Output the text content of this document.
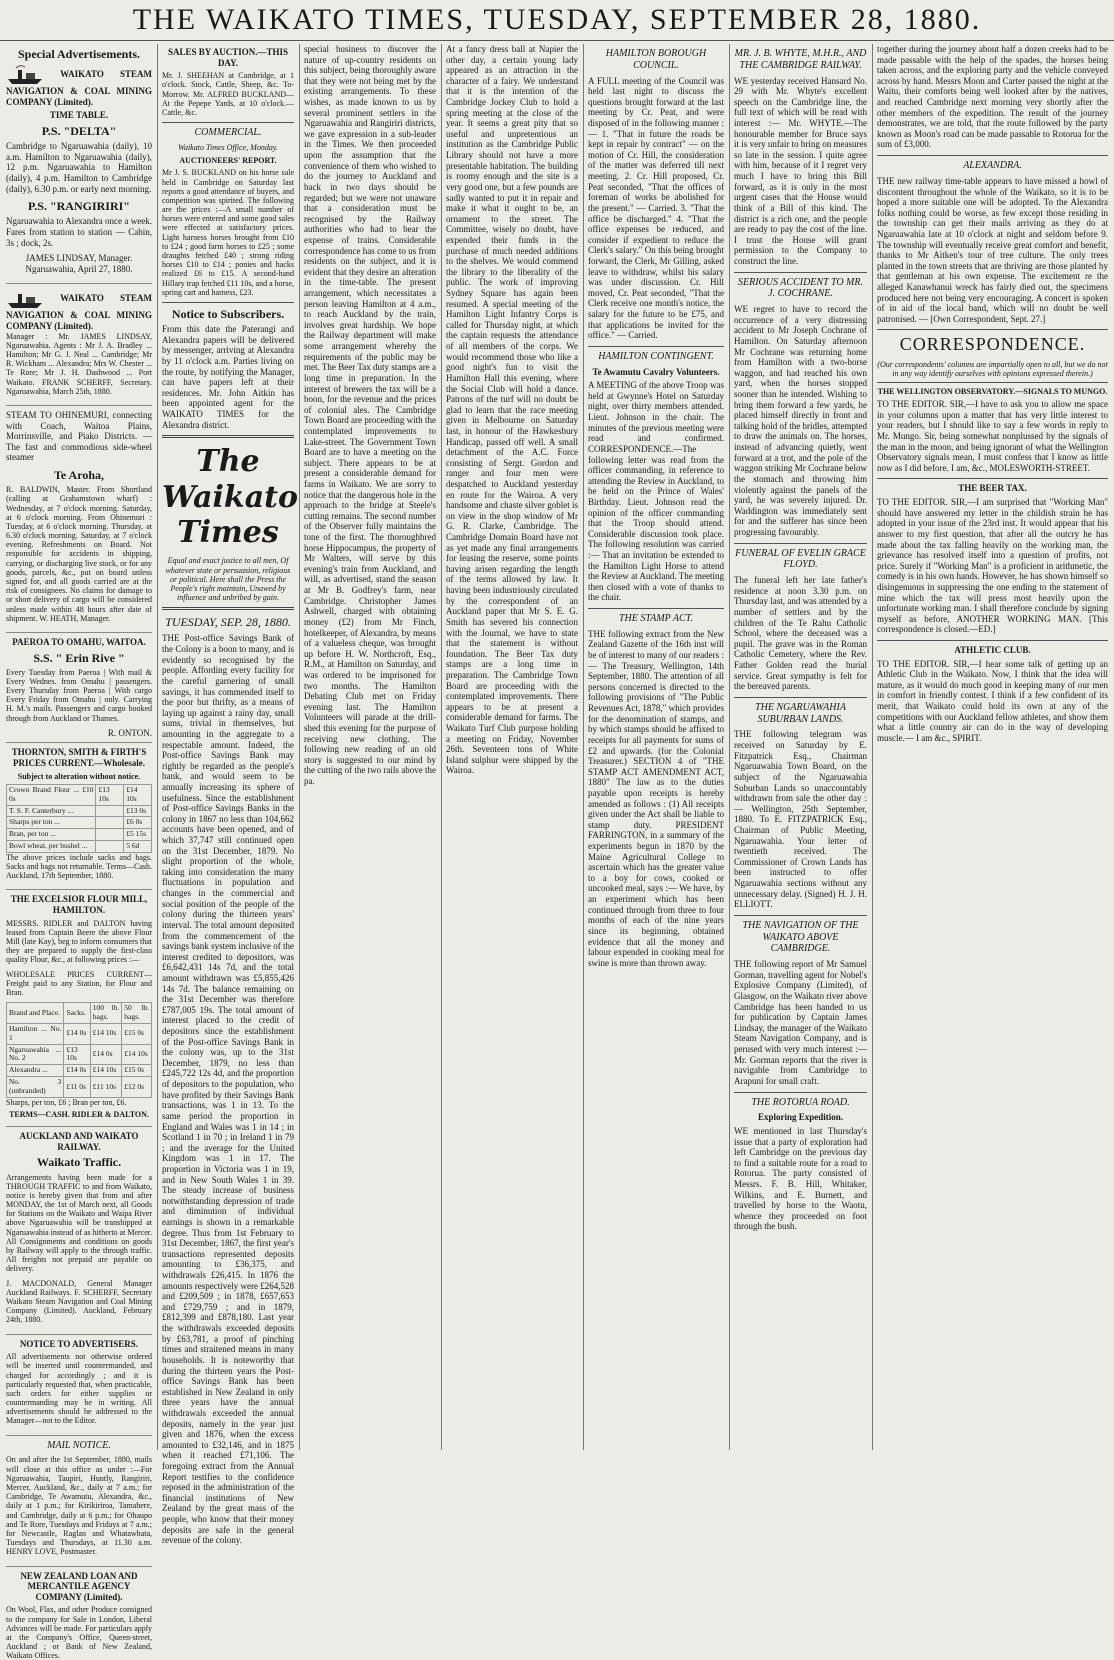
THE WAIKATO TIMES, TUESDAY, SEPTEMBER 28, 1880.
Special Advertisements.
WAIKATO STEAM NAVIGATION & COAL MINING COMPANY (Limited).
TIME TABLE.
P.S. "DELTA"
Cambridge to Ngaruawahia (daily), 10 a.m. Hamilton to Ngaruawahia (daily), 12 p.m. Ngaruawahia to Hamilton (daily), 4 p.m. Hamilton to Cambridge (daily), 6.30 p.m. or early next morning.
P.S. "RANGIRIRI"
Ngaruawahia to Alexandra once a week. Fares from station to station — Cabin, 3s ; dock, 2s.
JAMES LINDSAY, Manager. Ngaruawahia, April 27, 1880.
WAIKATO STEAM NAVIGATION & COAL MINING COMPANY (Limited).
Manager : Mr. JAMES LINDSAY, Ngaruawahia. Agents : Mr J. A. Bradley ... Hamilton; Mr G. J. Neal ... Cambridge; Mr R. Wickham ... Alexandra; Mrs W. Chester ... Te Rore; Mr J. H. Dashwood ... Port Waikato. FRANK SCHERFF, Secretary. Ngaruawahia, March 25th, 1880.
STEAM TO OHINEMURI, connecting with Coach, Waitoa Plains, Morrinsville, and Piako Districts. — The fast and commodious side-wheel steamer
Te Aroha,
R. BALDWIN, Master. From Shortland (calling at Grahamstown wharf) : Wednesday, at 7 o'clock morning. Saturday, at 6 o'clock morning. From Ohinemuri : Tuesday, at 6 o'clock morning. Thursday, at 6.30 o'clock morning. Saturday, at 7 o'clock evening. Refreshments on Board. Not responsible for accidents in shipping, carrying, or discharging live stock, or for any goods, parcels, &c., put on board unless signed for, and all goods carried are at the risk of consignees. No claims for damage to or short delivery of cargo will be considered unless made within 48 hours after date of shipment. W. HEATH, Manager.
PAEROA TO OMAHU, WAITOA.
S.S. " Erin Rive "
Every Tuesday from Paeroa | With mail & Every Wednes. from Omahu | passengers. Every Thursday from Paeroa | With cargo Every Friday from Omahu | only. Carrying H. M.'s mails. Passengers and cargo booked through from Auckland or Thames.
R. ONTON.
THORNTON, SMITH & FIRTH'S PRICES CURRENT.—Wholesale.
Subject to alteration without notice.
Crown Brand Flour ... £10 0s	£13 10s	£14 10s
T. S. F. Canterbury ...		£13 0s
Sharps per ton ...		£6 0s
Bran, per ton ...		£5 15s
Bowl wheat, per bushel ...		5 6d
The above prices include sacks and bags. Sacks and bags not returnable. Terms—Cash. Auckland, 17th September, 1880.
THE EXCELSIOR FLOUR MILL, HAMILTON.
MESSRS. RIDLER and DALTON having leased from Captain Beere the above Flour Mill (late Kay), beg to inform consumers that they are prepared to supply the first-class quality Flour, &c., at following prices :—
WHOLESALE PRICES CURRENT— Freight paid to any Station, for Flour and Bran.
Brand and Place.	Sacks.	100 lb. bags.	50 lb. bags.
Hamilton ... No. 1	£14 0s	£14 10s	£15 0s
Ngaruawahia ... No. 2	£13 10s	£14 0s	£14 10s
Alexandra ...	£14 0s	£14 10s	£15 0s
No. 3 (unbranded)	£11 0s	£11 10s	£12 0s
Sharps, per ton, £6 ; Bran per ton, £6.
TERMS—CASH. RIDLER & DALTON.
AUCKLAND AND WAIKATO RAILWAY.
Waikato Traffic.
Arrangements having been made for a THROUGH TRAFFIC to and from Waikato, notice is hereby given that from and after MONDAY, the 1st of March next, all Goods for Stations on the Waikato and Waipa River above Ngaruawahia will be transhipped at Ngaruawahia instead of as hitherto at Mercer. All Consignments and conditions on goods by Railway will apply to the through traffic. All freights not prepaid are payable on delivery.
J. MACDONALD, General Manager Auckland Railways. F. SCHERFF, Secretary Waikato Steam Navigation and Coal Mining Company (Limited). Auckland, February 24th, 1880.
NOTICE TO ADVERTISERS.
All advertisements not otherwise ordered will be inserted until countermanded, and charged for accordingly ; and it is particularly requested that, when practicable, such orders for either supplies or countermanding may be in writing. All advertisements should be addressed to the Manager—not to the Editor.
MAIL NOTICE.
On and after the 1st September, 1880, mails will close at this office as under :—For Ngaruawahia, Taupiri, Huntly, Rangiriri, Mercer, Auckland, &c., daily at 7 a.m.; for Cambridge, Te Awamutu, Alexandra, &c., daily at 1 p.m.; for Kirikiriroa, Tamahere, and Cambridge, daily at 6 p.m.; for Ohaupo and Te Rore, Tuesdays and Fridays at 7 a.m.; for Newcastle, Raglan and Whatawhata, Tuesdays and Thursdays, at 11.30 a.m. HENRY LOVE, Postmaster.
NEW ZEALAND LOAN AND MERCANTILE AGENCY COMPANY (Limited).
On Wool, Flax, and other Produce consigned to the company for Sale in London, Liberal Advances will be made. For particulars apply at the Company's Office, Queen-street, Auckland ; or Bank of New Zealand, Waikato Offices.
SALES BY AUCTION.—THIS DAY.
Mr. J. SHEEHAN at Cambridge, at 1 o'clock. Stock, Cattle, Sheep, &c. To-Morrow. Mr. ALFRED BUCKLAND—At the Pepepe Yards, at 10 o'clock.—Cattle, &c.
COMMERCIAL.
Waikato Times Office, Monday.
AUCTIONEERS' REPORT.
Mr J. S. BUCKLAND on his horse sale held in Cambridge on Saturday last reports a good attendance of buyers, and competition was spirited. The following are the prices :—A small number of horses were entered and some good sales were effected at satisfactory prices. Light harness horses brought from £10 to £24 ; good farm horses to £25 ; some draughts fetched £40 ; strong riding horses £10 to £14 ; ponies and hacks realized £6 to £15. A second-hand Hillary trap fetched £11 10s, and a horse, spring cart and harness, £23.
Notice to Subscribers.
From this date the Paterangi and Alexandra papers will be delivered by messenger, arriving at Alexandra by 11 o'clock a.m. Parties living on the route, by notifying the Manager, can have papers left at their residences. Mr. John Aitkin has been appointed agent for the WAIKATO TIMES for the Alexandra district.
The Waikato Times
Equal and exact justice to all men, Of whatever state or persuasion, religious or political. Here shall the Press the People's right maintain, Unawed by influence and unbribed by gain.
TUESDAY, SEP. 28, 1880.
THE Post-office Savings Bank of the Colony is a boon to many, and is evidently so recognised by the people. Affording every facility for the careful garnering of small savings, it has commended itself to the poor but thrifty, as a means of laying up against a rainy day, small sums, trivial in themselves, but amounting in the aggregate to a respectable amount. Indeed, the Post-office Savings Bank may rightly be regarded as the people's bank, and would seem to be annually increasing its sphere of usefulness. Since the establishment of Post-office Savings Banks in the colony in 1867 no less than 104,662 accounts have been opened, and of which 37,747 still continued open on the 31st December, 1879. No slight proportion of the whole, taking into consideration the many fluctuations in population and changes in the commercial and social position of the people of the colony during the thirteen years' interval. The total amount deposited from the commencement of the savings bank system inclusive of the interest credited to depositors, was £6,642,431 14s 7d, and the total amount withdrawn was £5,855,426 14s 7d. The balance remaining on the 31st December was therefore £787,005 19s. The total amount of interest placed to the credit of depositors since the establishment of the Post-office Savings Bank in the colony was, up to the 31st December, 1879, no less than £245,722 12s 4d, and the proportion of depositors to the population, who have profited by their Savings Bank transactions, was 1 in 13. To the same period the proportion in England and Wales was 1 in 14 ; in Scotland 1 in 70 ; in Ireland 1 in 79 ; and the average for the United Kingdom was 1 in 17. The proportion in Victoria was 1 in 19, and in New South Wales 1 in 39. The steady increase of business notwithstanding depression of trade and diminution of individual earnings is shown in a remarkable degree. Thus from 1st February to 31st December, 1867, the first year's transactions represented deposits amounting to £36,375, and withdrawals £26,415. In 1876 the amounts respectively were £264,528 and £209,509 ; in 1878, £657,653 and £729,759 ; and in 1879, £812,399 and £878,180. Last year the withdrawals exceeded deposits by £63,781, a proof of pinching times and straitened means in many households. It is noteworthy that during the thirteen years the Post-office Savings Bank has been established in New Zealand in only three years have the annual withdrawals exceeded the annual deposits, namely in the year just given and 1876, when the excess amounted to £32,146, and in 1875 when it reached £71,106. The foregoing extract from the Annual Report testifies to the confidence reposed in the administration of the financial institutions of New Zealand by the great mass of the people, who know that their money deposits are safe in the general revenue of the colony.
special business to discover the nature of up-country residents on this subject, being thoroughly aware that they were not being met by the existing arrangements. To these wishes, as made known to us by several prominent settlers in the Ngaruawahia and Rangiriri districts, we gave expression in a sub-leader in the Times. We then proceeded upon the assumption that the convenience of them who wished to do the journey to Auckland and back in two days should be regarded; but we were not unaware that a consideration must be recognised by the Railway authorities who had to bear the expense of trains. Considerable correspondence has come to us from residents on the subject, and it is evident that they desire an alteration in the time-table. The present arrangement, which necessitates a person leaving Hamilton at 4 a.m., to reach Auckland by the train, involves great hardship. We hope the Railway department will make some arrangement whereby the requirements of the public may be met. The Beer Tax duty stamps are a long time in preparation. In the interest of brewers the tax will be a boon, for the revenue and the prices of colonial ales. The Cambridge Town Board are proceeding with the contemplated improvements to Lake-street. The Government Town Board are to have a meeting on the subject. There appears to be at present a considerable demand for farms in Waikato. We are sorry to notice that the dangerous hole in the approach to the bridge at Steele's cutting remains. The second number of the Observer fully maintains the tone of the first. The thoroughbred horse Hippocampus, the property of Mr Walters, will serve by this evening's train from Auckland, and will, as advertised, stand the season at Mr B. Godfrey's farm, near Cambridge. Christopher James Ashwell, charged with obtaining money (£2) from Mr Finch, hotelkeeper, of Alexandra, by means of a valueless cheque, was brought up before H. W. Northcroft, Esq., R.M., at Hamilton on Saturday, and was ordered to be imprisoned for two months. The Hamilton Debating Club met on Friday evening last. The Hamilton Volunteers will parade at the drill-shed this evening for the purpose of receiving new clothing. The following new reading of an old story is suggested to our mind by the cutting of the two rails above the pa.
At a fancy dress ball at Napier the other day, a certain young lady appeared as an attraction in the character of a fairy. We understand that it is the intention of the Cambridge Jockey Club to hold a spring meeting at the close of the year. It seems a great pity that so useful and unpretentious an institution as the Cambridge Public Library should not have a more presentable habitation. The building is roomy enough and the site is a very good one, but a few pounds are sadly wanted to put it in repair and make it what it ought to be, an ornament to the street. The Committee, wisely no doubt, have expended their funds in the purchase of much needed additions to the shelves. We would commend the library to the liberality of the public. The work of improving Sydney Square has again been resumed. A special meeting of the Hamilton Light Infantry Corps is called for Thursday night, at which the captain requests the attendance of all members of the corps. We would recommend those who like a good night's fun to visit the Hamilton Hall this evening, where the Social Club will hold a dance. Patrons of the turf will no doubt be glad to learn that the race meeting given in Melbourne on Saturday last, in honour of the Hawkesbury Handicap, passed off well. A small detachment of the A.C. Force consisting of Sergt. Gordon and ranger and four men were despatched to Auckland yesterday en route for the Wairoa. A very handsome and chaste silver goblet is on view in the shop window of Mr G. R. Clarke, Cambridge. The Cambridge Domain Board have not as yet made any final arrangements for leasing the reserve, some points having arisen regarding the length of the terms allowed by law. It having been industriously circulated by the correspondent of an Auckland paper that Mr S. E. G. Smith has severed his connection with the Journal, we have to state that the statement is without foundation. The Beer Tax duty stamps are a long time in preparation. The Cambridge Town Board are proceeding with the contemplated improvements. There appears to be at present a considerable demand for farms. The Waikato Turf Club purpose holding a meeting on Friday, November 26th. Seventeen tons of White Island sulphur were shipped by the Wairoa.
HAMILTON BOROUGH COUNCIL.
A FULL meeting of the Council was held last night to discuss the questions brought forward at the last meeting by Cr. Peat, and were disposed of in the following manner :— 1. "That in future the roads be kept in repair by contract" — on the motion of Cr. Hill, the consideration of the matter was deferred till next meeting. 2. Cr. Hill proposed, Cr. Peat seconded, "That the offices of foreman of works be abolished for the present." — Carried. 3. "That the office be discharged." 4. "That the office expenses be reduced, and consider if expedient to reduce the Clerk's salary." On this being brought forward, the Clerk, Mr Gilling, asked leave to withdraw, whilst his salary was under discussion. Cr. Hill moved, Cr. Peat seconded, "That the Clerk receive one month's notice, the salary for the future to be £75, and that applications be invited for the office." — Carried.
HAMILTON CONTINGENT.
Te Awamutu Cavalry Volunteers.
A MEETING of the above Troop was held at Gwynne's Hotel on Saturday night, over thirty members attended. Lieut. Johnson in the chair. The minutes of the previous meeting were read and confirmed. CORRESPONDENCE.—The following letter was read from the officer commanding, in reference to attending the Review in Auckland, to be held on the Prince of Wales' Birthday. Lieut. Johnson read the opinion of the officer commanding that the Troop should attend. Considerable discussion took place. The following resolution was carried :— That an invitation be extended to the Hamilton Light Horse to attend the Review at Auckland. The meeting then closed with a vote of thanks to the chair.
THE STAMP ACT.
THE following extract from the New Zealand Gazette of the 16th inst will be of interest to many of our readers :— The Treasury, Wellington, 14th September, 1880. The attention of all persons concerned is directed to the following provisions of "The Public Revenues Act, 1878," which provides for the denomination of stamps, and by which stamps should be affixed to receipts for all payments for sums of £2 and upwards. (for the Colonial Treasurer.) SECTION 4 of "THE STAMP ACT AMENDMENT ACT, 1880" The law as to the duties payable upon receipts is hereby amended as follows : (1) All receipts given under the Act shall be liable to stamp duty. PRESIDENT FARRINGTON, in a summary of the experiments begun in 1870 by the Maine Agricultural College to ascertain which has the greater value to a boy for cows, cooked or uncooked meal, says :— We have, by an experiment which has been continued through from three to four months of each of the nine years since its beginning, obtained evidence that all the money and labour expended in cooking meal for swine is more than thrown away.
MR. J. B. WHYTE, M.H.R., AND THE CAMBRIDGE RAILWAY.
WE yesterday received Hansard No. 29 with Mr. Whyte's excellent speech on the Cambridge line, the full text of which will be read with interest :— Mr. WHYTE.—The honourable member for Bruce says it is very unfair to bring on measures so late in the session. I quite agree with him, because of it I regret very much I have to bring this Bill forward, as it is only in the most urgent cases that the House would think of a Bill of this kind. The district is a rich one, and the people are ready to pay the cost of the line. I trust the House will grant permission to the Company to construct the line.
SERIOUS ACCIDENT TO MR. J. COCHRANE.
WE regret to have to record the occurrence of a very distressing accident to Mr Joseph Cochrane of Hamilton. On Saturday afternoon Mr Cochrane was returning home from Hamilton with a two-horse waggon, and had reached his own yard, when the horses stopped sooner than he intended. Wishing to bring them forward a few yards, he placed himself directly in front and talking hold of the bridles, attempted to draw the animals on. The horses, instead of advancing quietly, went forward at a trot, and the pole of the waggon striking Mr Cochrane below the stomach and throwing him violently against the panels of the yard, he was severely injured. Dr. Waddington was immediately sent for and the sufferer has since been progressing favourably.
FUNERAL OF EVELIN GRACE FLOYD.
The funeral left her late father's residence at noon 3.30 p.m. on Thursday last, and was attended by a number of settlers and by the children of the Te Rahu Catholic School, where the deceased was a pupil. The grave was in the Roman Catholic Cemetery, where the Rev. Father Golden read the burial service. Great sympathy is felt for the bereaved parents.
THE NGARUAWAHIA SUBURBAN LANDS.
THE following telegram was received on Saturday by E. Fitzpatrick Esq., Chairman Ngaruawahia Town Board, on the subject of the Ngaruawahia Suburban Lands so unaccountably withdrawn from sale the other day :— Wellington, 25th September, 1880. To E. FITZPATRICK Esq., Chairman of Public Meeting, Ngaruawahia. Your letter of twentieth received. The Commissioner of Crown Lands has been instructed to offer Ngaruawahia sections without any unnecessary delay. (Signed) H. J. H. ELLIOTT.
THE NAVIGATION OF THE WAIKATO ABOVE CAMBRIDGE.
THE following report of Mr Samuel Gorman, travelling agent for Nobel's Explosive Company (Limited), of Glasgow, on the Waikato river above Cambridge has been handed to us for publication by Captain James Lindsay, the manager of the Waikato Steam Navigation Company, and is perused with very much interest :— Mr. Gorman reports that the river is navigable from Cambridge to Arapuni for small craft.
THE ROTORUA ROAD.
Exploring Expedition.
WE mentioned in last Thursday's issue that a party of exploration had left Cambridge on the previous day to find a suitable route for a road to Rotorua. The party consisted of Messrs. F. B. Hill, Whitaker, Wilkins, and E. Burnett, and travelled by horse to the Waotu, whence they proceeded on foot through the bush.
together during the journey about half a dozen creeks had to be made passable with the help of the spades, the horses being taken across, and the exploring party and the vehicle conveyed across by hand. Messrs Moon and Carter passed the night at the Waitu, their comforts being well looked after by the natives, and reached Cambridge next morning very shortly after the other members of the expedition. The result of the journey demonstrates, we are told, that the route followed by the party known as Moon's road can be made passable to Rotorua for the sum of £3,000.
ALEXANDRA.
THE new railway time-table appears to have missed a howl of discontent throughout the whole of the Waikato, so it is to be hoped a more suitable one will be adopted. To the Alexandra folks nothing could be worse, as few except those residing in the township can get their mails arriving as they do at Ngaruawahia late at 10 o'clock at night and seldom before 9. The township will eventually receive great comfort and benefit, thanks to Mr Aitken's tour of tree culture. The only trees planted in the town streets that are thriving are those planted by that gentleman at his own expense. The excitement re the alleged Kanawhanui wreck has fairly died out, the specimens produced here not being very encouraging. A concert is spoken of in aid of the local band, which will no doubt be well patronised. — [Own Correspondent, Sept. 27.]
CORRESPONDENCE.
(Our correspondents' columns are impartially open to all, but we do not in any way identify ourselves with opinions expressed therein.)
THE WELLINGTON OBSERVATORY.—SIGNALS TO MUNGO.
TO THE EDITOR. SIR,—I have to ask you to allow me space in your columns upon a matter that has very little interest to your readers, but I should like to say a few words in reply to Mr. Mungo. Sir, being somewhat nonplussed by the signals of the man in the moon, and being ignorant of what the Wellington Observatory signals mean, I must confess that I know as little now as I did before. I am, &c., MOLESWORTH-STREET.
THE BEER TAX.
TO THE EDITOR. SIR,—I am surprised that "Working Man" should have answered my letter in the childish strain he has adopted in your issue of the 23rd inst. It would appear that his answer to my first question, that after all the outcry he has made about the tax falling heavily on the working man, the grievance has resolved itself into a question of profits, not price. Surely if "Working Man" is a proficient in arithmetic, the comedy is in his own hands. However, he has shown himself so disingenuous in suppressing the one ending to the statement of mine which the tax will press most heavily upon the unfortunate working man. I shall therefore conclude by signing myself as before, ANOTHER WORKING MAN. [This correspondence is closed.—ED.]
ATHLETIC CLUB.
TO THE EDITOR. SIR,—I hear some talk of getting up an Athletic Club in the Waikato. Now, I think that the idea will mature, as it would do much good in keeping many of our men in comfort in friendly contest. I think if a few confident of its merit, that Waikato could hold its own at any of the competitions with our Auckland fellow athletes, and show them what a little country air can do in the way of developing muscle.— I am &c., SPIRIT.
